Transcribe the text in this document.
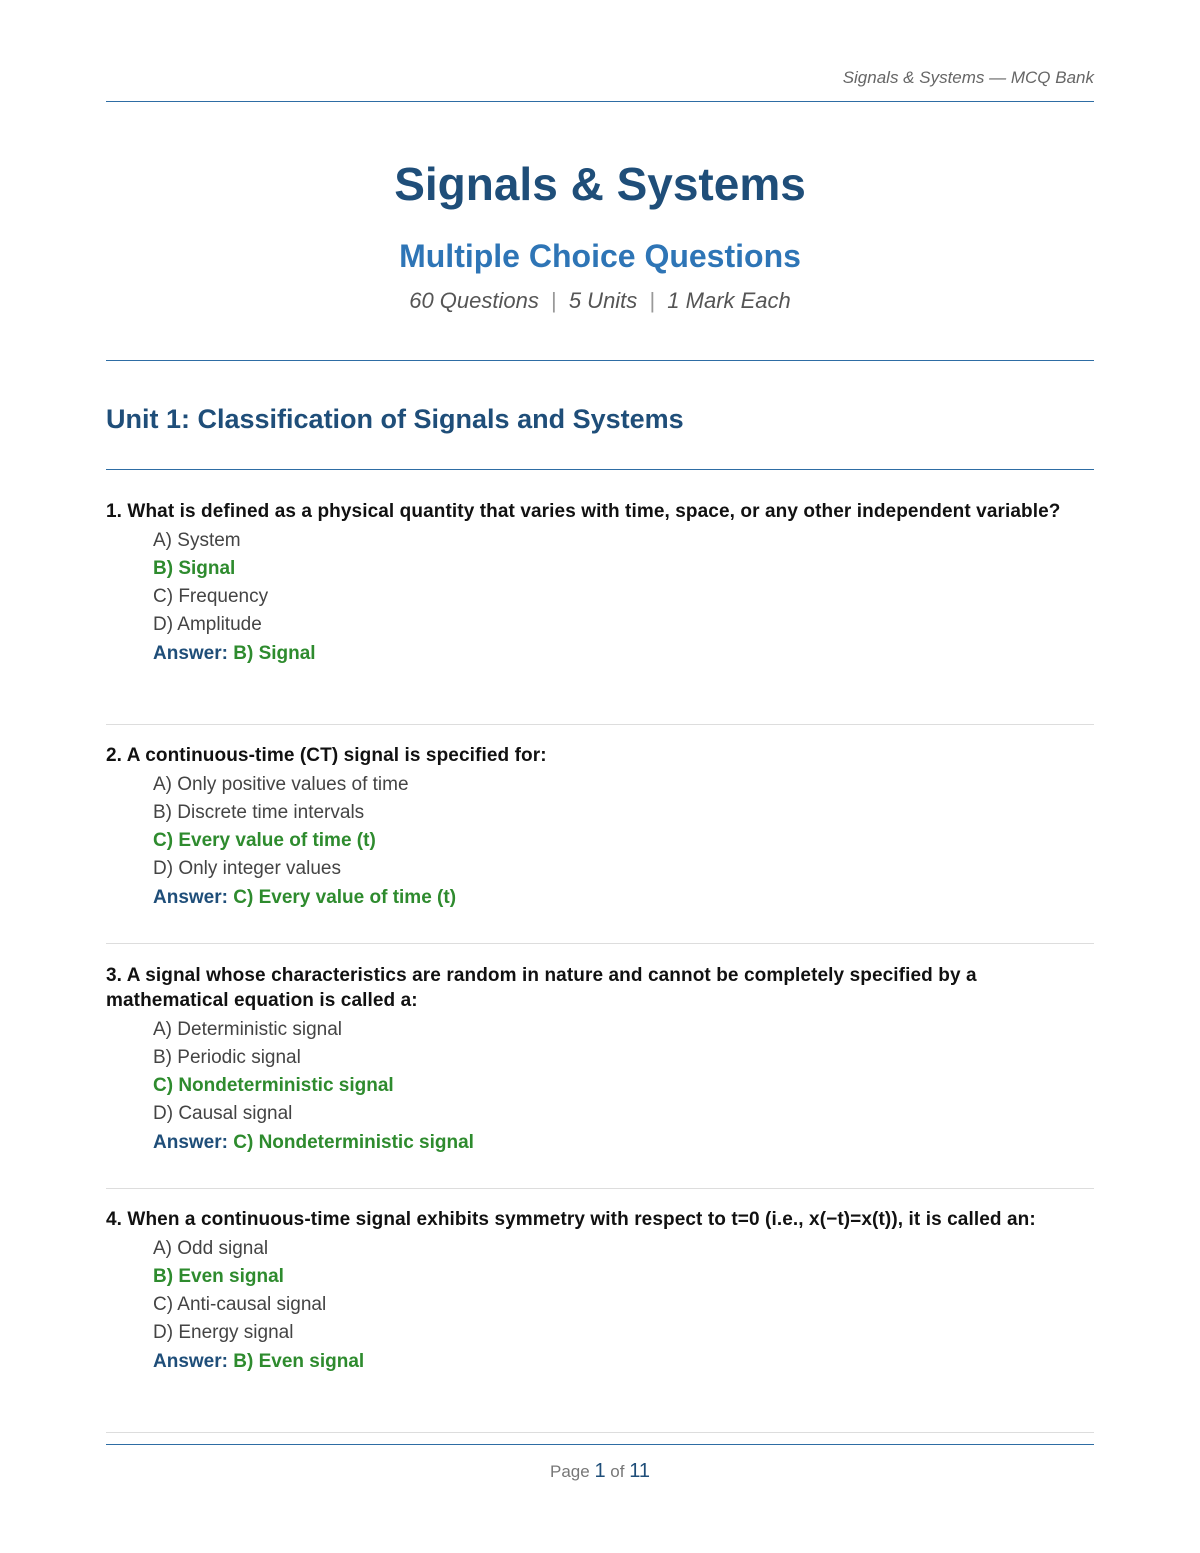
Signals & Systems — MCQ Bank
Signals & Systems
Multiple Choice Questions
60 Questions | 5 Units | 1 Mark Each
Unit 1: Classification of Signals and Systems

1. What is defined as a physical quantity that varies with time, space, or any other independent variable?

A) System
B) Signal
C) Frequency
D) Amplitude
Answer: B) Signal

2. A continuous-time (CT) signal is specified for:

A) Only positive values of time
B) Discrete time intervals
C) Every value of time (t)
D) Only integer values
Answer: C) Every value of time (t)

3. A signal whose characteristics are random in nature and cannot be completely specified by a mathematical equation is called a:

A) Deterministic signal
B) Periodic signal
C) Nondeterministic signal
D) Causal signal
Answer: C) Nondeterministic signal

4. When a continuous-time signal exhibits symmetry with respect to t=0 (i.e., x(−t)=x(t)), it is called an:

A) Odd signal
B) Even signal
C) Anti-causal signal
D) Energy signal
Answer: B) Even signal
Page 1 of 11
